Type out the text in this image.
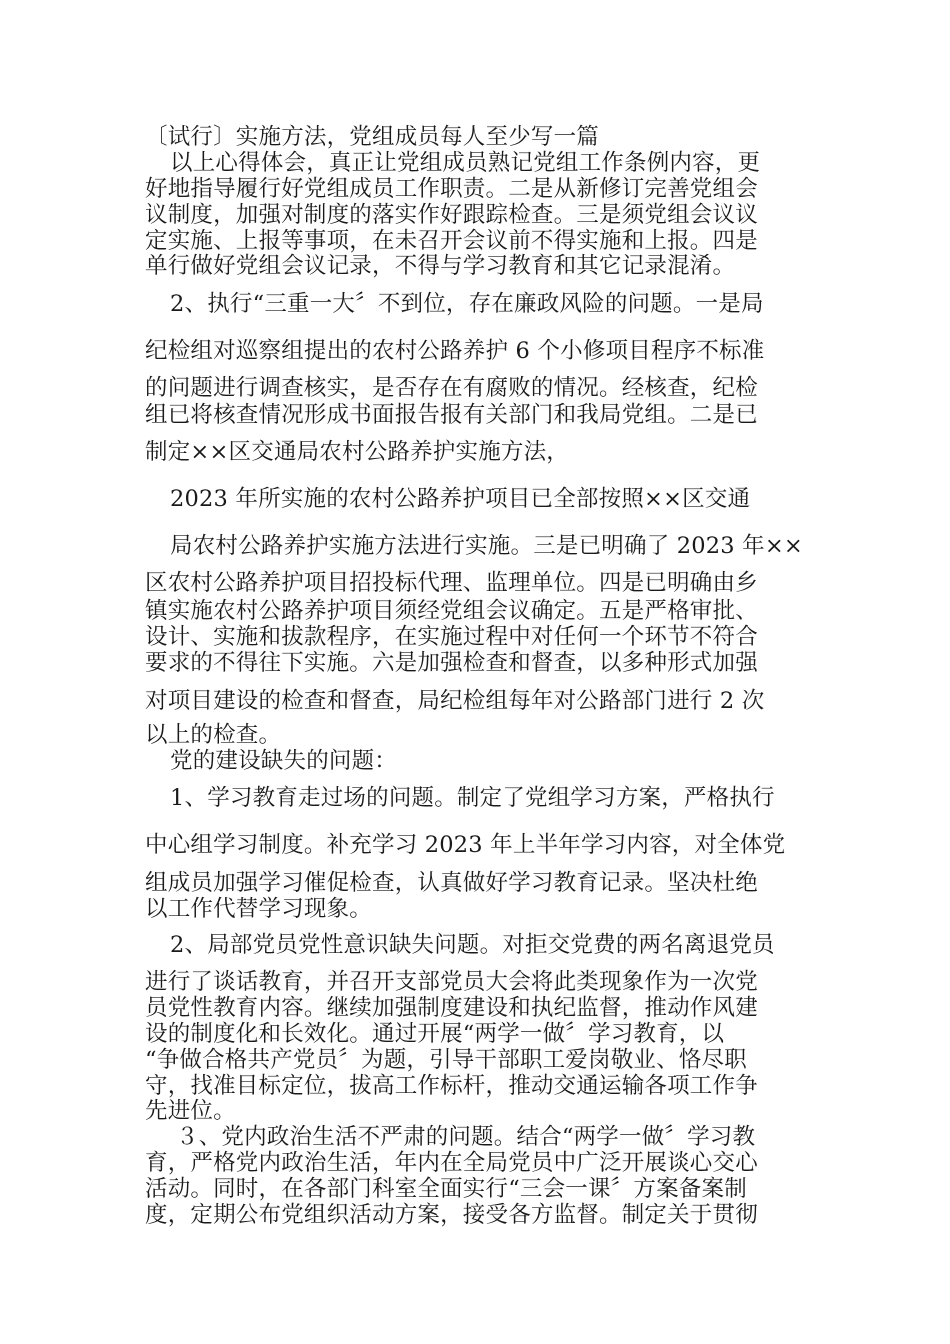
〔试行〕实施方法，党组成员每人至少写一篇
以上心得体会，真正让党组成员熟记党组工作条例内容，更
好地指导履行好党组成员工作职责。二是从新修订完善党组会
议制度，加强对制度的落实作好跟踪检查。三是须党组会议议
定实施、上报等事项，在未召开会议前不得实施和上报。四是
单行做好党组会议记录，不得与学习教育和其它记录混淆。
2、执行“三重一大〞不到位，存在廉政风险的问题。一是局
纪检组对巡察组提出的农村公路养护 6 个小修项目程序不标准
的问题进行调查核实，是否存在有腐败的情况。经核查，纪检
组已将核查情况形成书面报告报有关部门和我局党组。二是已
制定××区交通局农村公路养护实施方法，
2023 年所实施的农村公路养护项目已全部按照××区交通
局农村公路养护实施方法进行实施。三是已明确了 2023 年××
区农村公路养护项目招投标代理、监理单位。四是已明确由乡
镇实施农村公路养护项目须经党组会议确定。五是严格审批、
设计、实施和拔款程序，在实施过程中对任何一个环节不符合
要求的不得往下实施。六是加强检查和督查，以多种形式加强
对项目建设的检查和督查，局纪检组每年对公路部门进行 2 次
以上的检查。
党的建设缺失的问题：
1、学习教育走过场的问题。制定了党组学习方案，严格执行
中心组学习制度。补充学习 2023 年上半年学习内容，对全体党
组成员加强学习催促检查，认真做好学习教育记录。坚决杜绝
以工作代替学习现象。
2、局部党员党性意识缺失问题。对拒交党费的两名离退党员
进行了谈话教育，并召开支部党员大会将此类现象作为一次党
员党性教育内容。继续加强制度建设和执纪监督，推动作风建
设的制度化和长效化。通过开展“两学一做〞学习教育，以
“争做合格共产党员〞为题，引导干部职工爱岗敬业、恪尽职
守，找准目标定位，拔高工作标杆，推动交通运输各项工作争
先进位。
３、党内政治生活不严肃的问题。结合“两学一做〞学习教
育，严格党内政治生活，年内在全局党员中广泛开展谈心交心
活动。同时，在各部门科室全面实行“三会一课〞方案备案制
度，定期公布党组织活动方案，接受各方监督。制定关于贯彻
